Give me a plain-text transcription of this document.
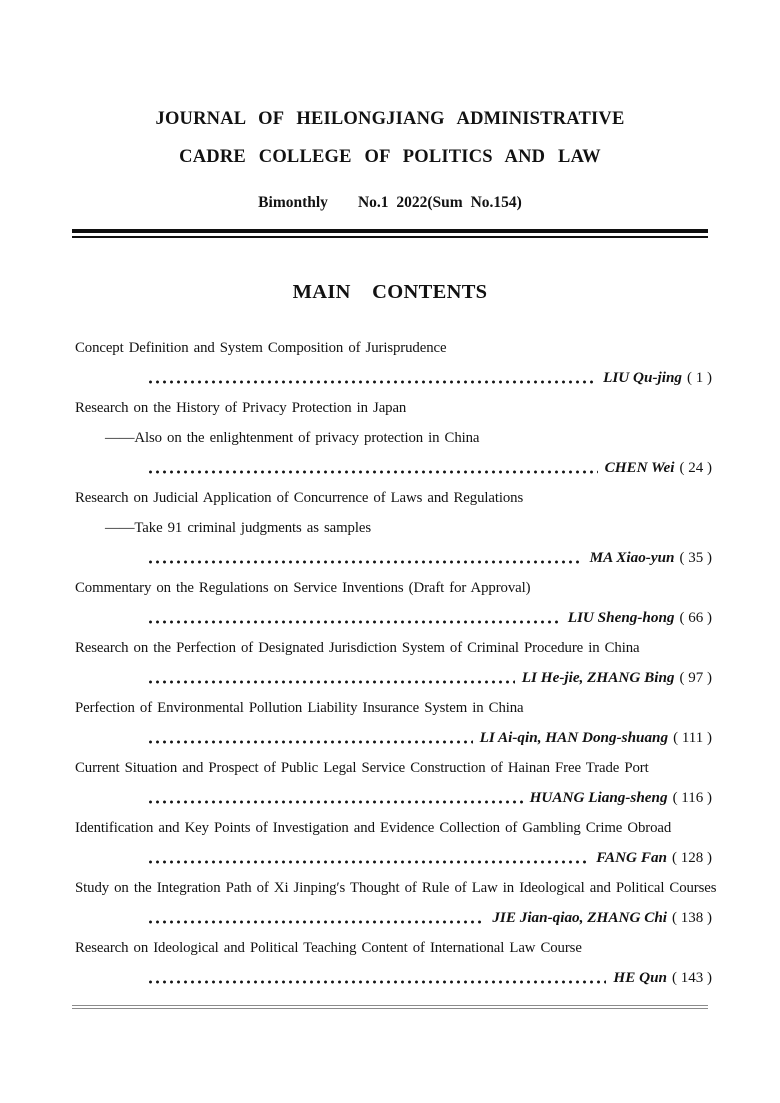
JOURNAL OF HEILONGJIANG ADMINISTRATIVE
CADRE COLLEGE OF POLITICS AND LAW
Bimonthly No.1 2022(Sum No.154)
MAIN CONTENTS
Concept Definition and System Composition of Jurisprudence
LIU Qu-jing ( 1 )
Research on the History of Privacy Protection in Japan
——Also on the enlightenment of privacy protection in China
CHEN Wei ( 24 )
Research on Judicial Application of Concurrence of Laws and Regulations
——Take 91 criminal judgments as samples
MA Xiao-yun ( 35 )
Commentary on the Regulations on Service Inventions (Draft for Approval)
LIU Sheng-hong ( 66 )
Research on the Perfection of Designated Jurisdiction System of Criminal Procedure in China
LI He-jie, ZHANG Bing ( 97 )
Perfection of Environmental Pollution Liability Insurance System in China
LI Ai-qin, HAN Dong-shuang ( 111 )
Current Situation and Prospect of Public Legal Service Construction of Hainan Free Trade Port
HUANG Liang-sheng ( 116 )
Identification and Key Points of Investigation and Evidence Collection of Gambling Crime Obroad
FANG Fan ( 128 )
Study on the Integration Path of Xi Jinping′s Thought of Rule of Law in Ideological and Political Courses
JIE Jian-qiao, ZHANG Chi ( 138 )
Research on Ideological and Political Teaching Content of International Law Course
HE Qun ( 143 )
